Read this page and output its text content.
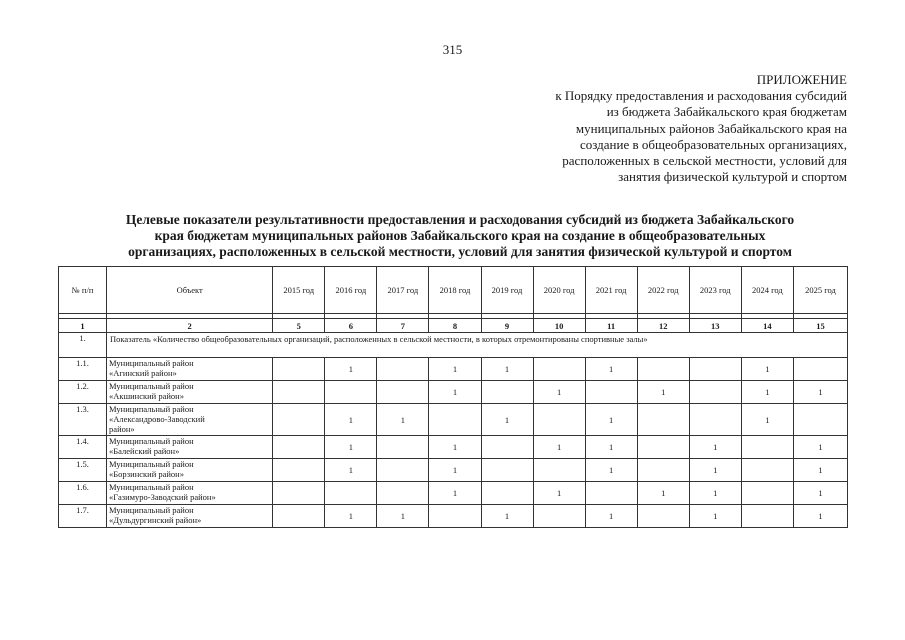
315
ПРИЛОЖЕНИЕ
к Порядку предоставления и расходования субсидий
из бюджета Забайкальского края бюджетам
муниципальных районов Забайкальского края на
создание в общеобразовательных организациях,
расположенных в сельской местности, условий для
занятия физической культурой и спортом
Целевые показатели результативности предоставления и расходования субсидий из бюджета Забайкальского
края бюджетам муниципальных районов Забайкальского края на создание в общеобразовательных
организациях, расположенных в сельской местности, условий для занятия физической культурой и спортом
№ п/п	Объект	2015 год	2016 год	2017 год	2018 год	2019 год	2020 год	2021 год	2022 год	2023 год	2024 год	2025 год

1	2	5	6	7	8	9	10	11	12	13	14	15
1.	Показатель «Количество общеобразовательных организаций, расположенных в сельской местности, в которых отремонтированы спортивные залы»											
1.1.	Муниципальный район
«Агинский район»		1		1	1		1			1	
1.2.	Муниципальный район
«Акшинский район»				1		1		1		1	1
1.3.	Муниципальный район
«Александрово-Заводский
район»		1	1		1		1			1	
1.4.	Муниципальный район
«Балейский район»		1		1		1	1		1		1
1.5.	Муниципальный район
«Борзинский район»		1		1			1		1		1
1.6.	Муниципальный район
«Газимуро-Заводский район»				1		1		1	1		1
1.7.	Муниципальный район
«Дульдургинский район»		1	1		1		1		1		1
